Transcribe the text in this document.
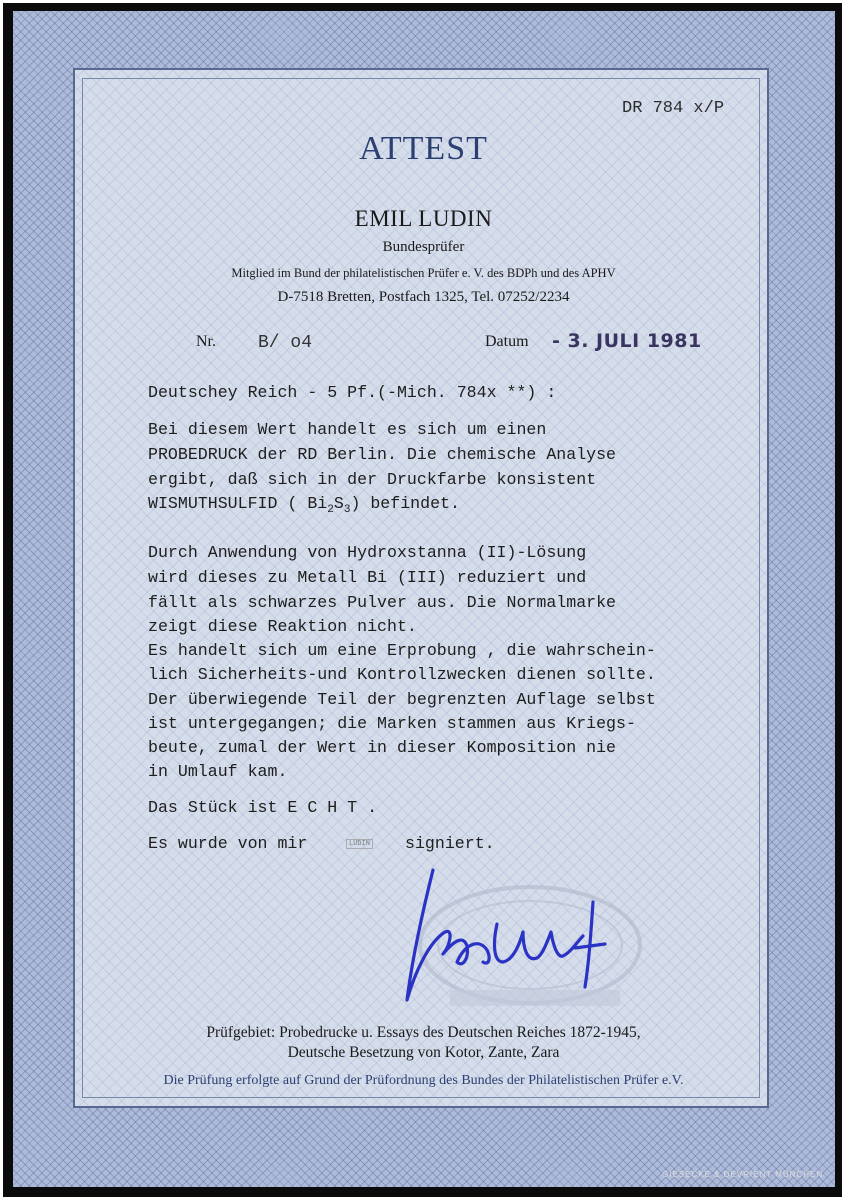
DR 784 x/P
ATTEST
EMIL LUDIN
Bundesprüfer
Mitglied im Bund der philatelistischen Prüfer e. V. des BDPh und des APHV
D-7518 Bretten, Postfach 1325, Tel. 07252/2234
Nr. B/ o4	Datum - 3. JULI 1981
Deutschey Reich - 5 Pf.(-Mich. 784x **) :
Bei diesem Wert handelt es sich um einen
PROBEDRUCK der RD Berlin. Die chemische Analyse
ergibt, daß sich in der Druckfarbe konsistent
WISMUTHSULFID ( $Bi_2S_3$) befindet.
Durch Anwendung von Hydroxstanna (II)-Lösung
wird dieses zu Metall Bi (III) reduziert und
fällt als schwarzes Pulver aus. Die Normalmarke
zeigt diese Reaktion nicht.
Es handelt sich um eine Erprobung , die wahrschein-
lich Sicherheits-und Kontrollzwecken dienen sollte.
Der überwiegende Teil der begrenzten Auflage selbst
ist untergegangen; die Marken stammen aus Kriegs-
beute, zumal der Wert in dieser Komposition nie
in Umlauf kam.
Das Stück ist E C H T .
Es wurde von mir	LUDIN signiert.
Prüfgebiet: Probedrucke u. Essays des Deutschen Reiches 1872-1945,
Deutsche Besetzung von Kotor, Zante, Zara
Die Prüfung erfolgte auf Grund der Prüfordnung des Bundes der Philatelistischen Prüfer e.V.
GIESECKE & DEVRIENT MÜNCHEN
